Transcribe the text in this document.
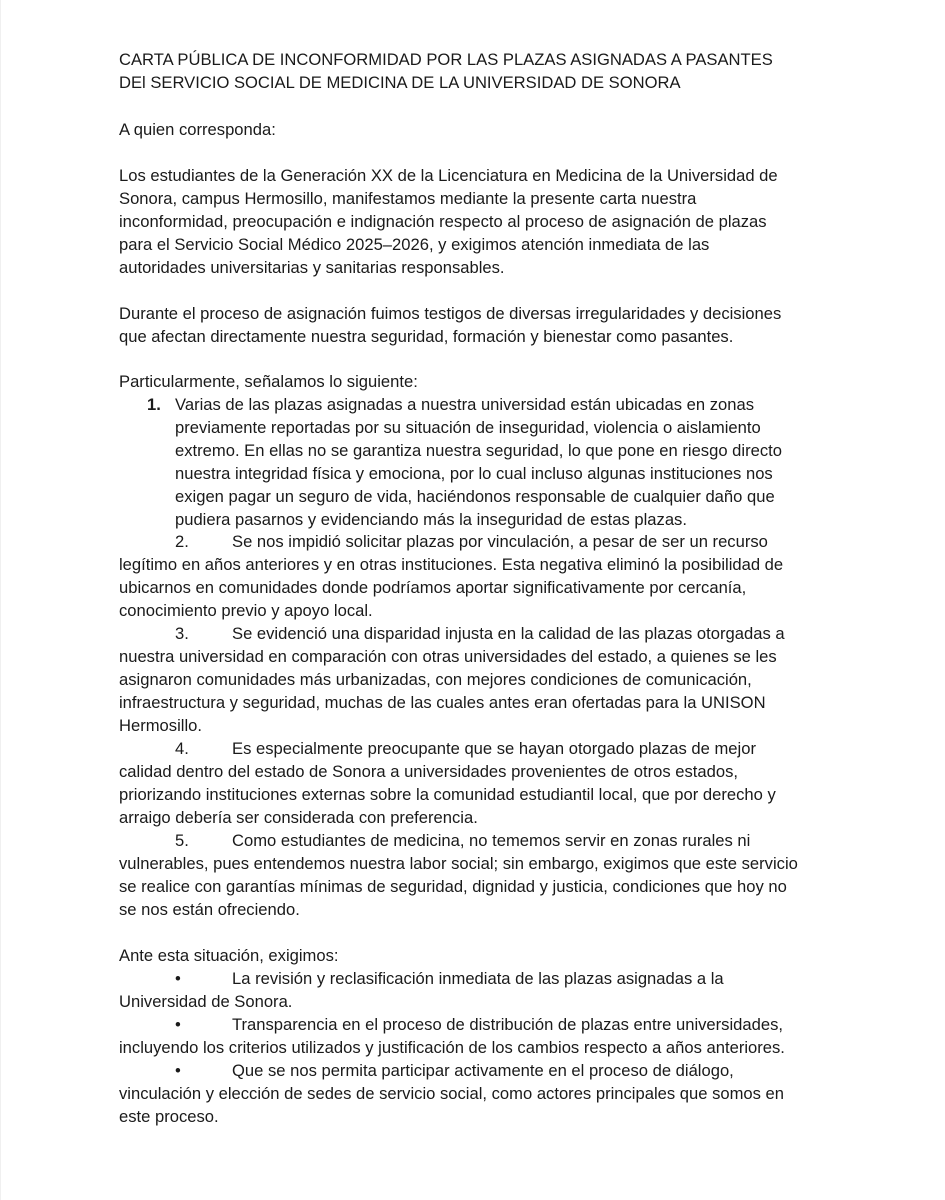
CARTA PÚBLICA DE INCONFORMIDAD POR LAS PLAZAS ASIGNADAS A PASANTES
DEl SERVICIO SOCIAL DE MEDICINA DE LA UNIVERSIDAD DE SONORA
A quien corresponda:
Los estudiantes de la Generación XX de la Licenciatura en Medicina de la Universidad de
Sonora, campus Hermosillo, manifestamos mediante la presente carta nuestra
inconformidad, preocupación e indignación respecto al proceso de asignación de plazas
para el Servicio Social Médico 2025–2026, y exigimos atención inmediata de las
autoridades universitarias y sanitarias responsables.
Durante el proceso de asignación fuimos testigos de diversas irregularidades y decisiones
que afectan directamente nuestra seguridad, formación y bienestar como pasantes.
Particularmente, señalamos lo siguiente:
1. Varias de las plazas asignadas a nuestra universidad están ubicadas en zonas
previamente reportadas por su situación de inseguridad, violencia o aislamiento
extremo. En ellas no se garantiza nuestra seguridad, lo que pone en riesgo directo
nuestra integridad física y emociona, por lo cual incluso algunas instituciones nos
exigen pagar un seguro de vida, haciéndonos responsable de cualquier daño que
pudiera pasarnos y evidenciando más la inseguridad de estas plazas.
2.	Se nos impidió solicitar plazas por vinculación, a pesar de ser un recurso
legítimo en años anteriores y en otras instituciones. Esta negativa eliminó la posibilidad de
ubicarnos en comunidades donde podríamos aportar significativamente por cercanía,
conocimiento previo y apoyo local.
3.	Se evidenció una disparidad injusta en la calidad de las plazas otorgadas a
nuestra universidad en comparación con otras universidades del estado, a quienes se les
asignaron comunidades más urbanizadas, con mejores condiciones de comunicación,
infraestructura y seguridad, muchas de las cuales antes eran ofertadas para la UNISON
Hermosillo.
4.	Es especialmente preocupante que se hayan otorgado plazas de mejor
calidad dentro del estado de Sonora a universidades provenientes de otros estados,
priorizando instituciones externas sobre la comunidad estudiantil local, que por derecho y
arraigo debería ser considerada con preferencia.
5.	Como estudiantes de medicina, no tememos servir en zonas rurales ni
vulnerables, pues entendemos nuestra labor social; sin embargo, exigimos que este servicio
se realice con garantías mínimas de seguridad, dignidad y justicia, condiciones que hoy no
se nos están ofreciendo.
Ante esta situación, exigimos:
•	La revisión y reclasificación inmediata de las plazas asignadas a la
Universidad de Sonora.
•	Transparencia en el proceso de distribución de plazas entre universidades,
incluyendo los criterios utilizados y justificación de los cambios respecto a años anteriores.
•	Que se nos permita participar activamente en el proceso de diálogo,
vinculación y elección de sedes de servicio social, como actores principales que somos en
este proceso.
